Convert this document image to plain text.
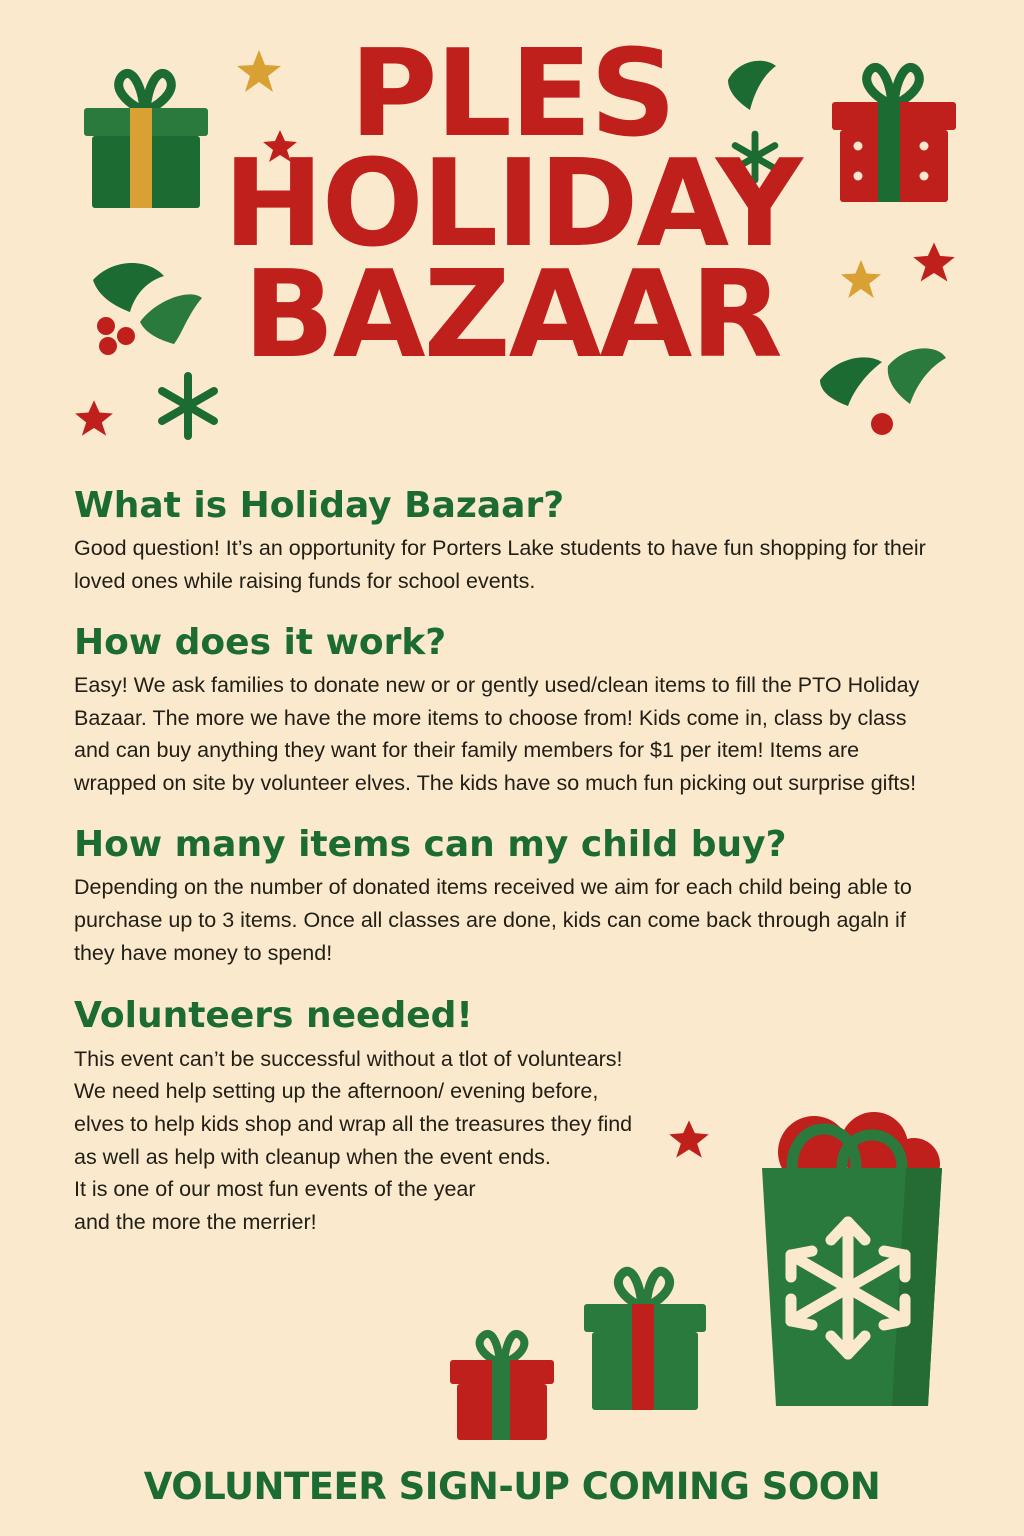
PLES
HOLIDAY
BAZAAR
What is Holiday Bazaar?

Good question! It’s an opportunity for Porters Lake students to have fun shopping for their loved ones while raising funds for school events.

How does it work?

Easy! We ask families to donate new or or gently used/clean items to fill the PTO Holiday Bazaar. The more we have the more items to choose from! Kids come in, class by class and can buy anything they want for their family members for $1 per item! Items are wrapped on site by volunteer elves. The kids have so much fun picking out surprise gifts!

How many items can my child buy?

Depending on the number of donated items received we aim for each child being able to purchase up to 3 items. Once all classes are done, kids can come back through agaln if they have money to spend!

Volunteers needed!

This event can’t be successful without a tlot of voluntears! We need help setting up the afternoon/ evening before, elves to help kids shop and wrap all the treasures they find as well as help with cleanup when the event ends.

It is one of our most fun events of the year and the more the merrier!

VOLUNTEER SIGN-UP COMING SOON
